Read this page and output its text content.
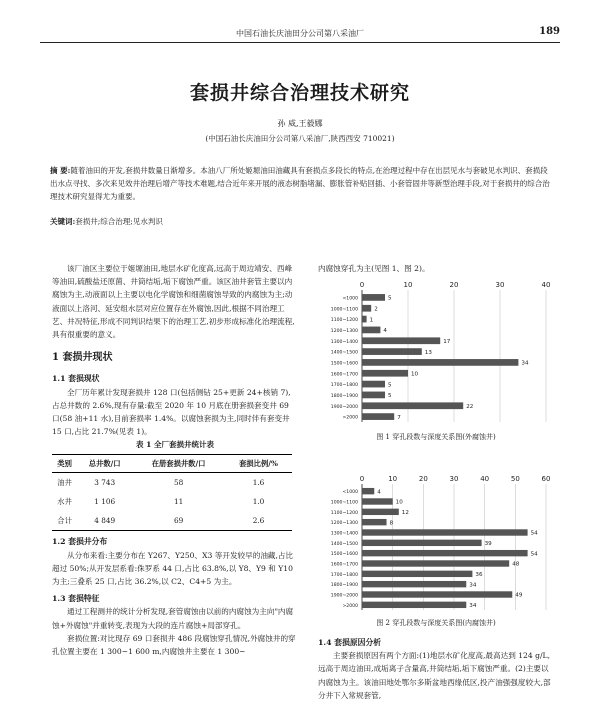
中国石油长庆油田分公司第八采油厂	189
套损井综合治理技术研究
孙 威,王毅娜
(中国石油长庆油田分公司第八采油厂,陕西西安 710021)
摘 要:随着油田的开发,套损井数量日渐增多。本油八厂所处姬塬油田油藏具有套损点多段长的特点,在治理过程中存在出层见水与套破见水判识、套损段出水点寻找、多次来见效井治理后增产等技术难题,结合近年来开展的液态树脂堵漏、膨胀管补贴回插、小套管固井等新型治理手段,对于套损井的综合治理技术研究显得尤为重要。
关键词:套损井;综合治理;见水判识

该厂油区主要位于姬塬油田,地层水矿化度高,远高于周边靖安、西峰等油田,硫酸盐还原菌、井筒结垢,垢下腐蚀严重。该区油井套管主要以内腐蚀为主,动液面以上主要以电化学腐蚀和细菌腐蚀导致的内腐蚀为主;动液面以上洛河、延安组水层对应位置存在外腐蚀,因此,根据不同治理工艺、井况特征,形成不同判识结果下的治理工艺,初步形成标准化治理流程,具有很重要的意义。

1 套损井现状
1.1 套损现状

全厂历年累计发现套损井 128 口(包括侧钻 25+更新 24+核销 7),占总井数的 2.6%,现有存量:截至 2020 年 10 月底在册套损套变井 69 口(58 油+11 水),目前套损率 1.4%。以腐蚀套损为主,同时伴有套变井 15 口,占比 21.7%(见表 1)。

表 1 全厂套损井统计表
类别	总井数/口	在册套损井数/口	套损比例/%
油井	3 743	58	1.6
水井	1 106	11	1.0
合计	4 849	69	2.6
1.2 套损井分布

从分布来看:主要分布在 Y267、Y250、X3 等开发较早的油藏,占比超过 50%;从开发层系看:侏罗系 44 口,占比 63.8%,以 Y8、Y9 和 Y10 为主;三叠系 25 口,占比 36.2%,以 C2、C4+5 为主。

1.3 套损特征

通过工程测井的统计分析发现,套管腐蚀由以前的内腐蚀为主向"内腐蚀+外腐蚀"并重转变,表现为大段的连片腐蚀+局部穿孔。

套损位置:对比现存 69 口套损井 486 段腐蚀穿孔情况,外腐蚀井的穿孔位置主要在 1 300~1 600 m,内腐蚀井主要在 1 300~

内腐蚀穿孔为主(见图 1、图 2)。

0	10	20	30	40
<1000	5
1000~1100	2
1100~1200 1
1200~1300	4
1300~1400	17
1400~1500	13
1500~1600	34
1600~1700	10
1700~1800	5
1800~1900	5
1900~2000	22
>2000	7
图 1 穿孔段数与深度关系图(外腐蚀井)
0	10	20	30	40	50	60
<1000	4
1000~1100	10
1100~1200	12
1200~1300	8
1300~1400	54
1400~1500	39
1500~1600	54
1600~1700	48
1700~1800	36
1800~1900	34
1900~2000	49
>2000	34
图 2 穿孔段数与深度关系图(内腐蚀井)
1.4 套损原因分析

主要套损原因有两个方面:(1)地层水矿化度高,最高达到 124 g/L,远高于周边油田,成垢离子含量高,井筒结垢,垢下腐蚀严重。(2)主要以内腐蚀为主。该油田地处鄂尔多斯盆地西缘低区,投产油强强度较大,部分井下入常规套管,
